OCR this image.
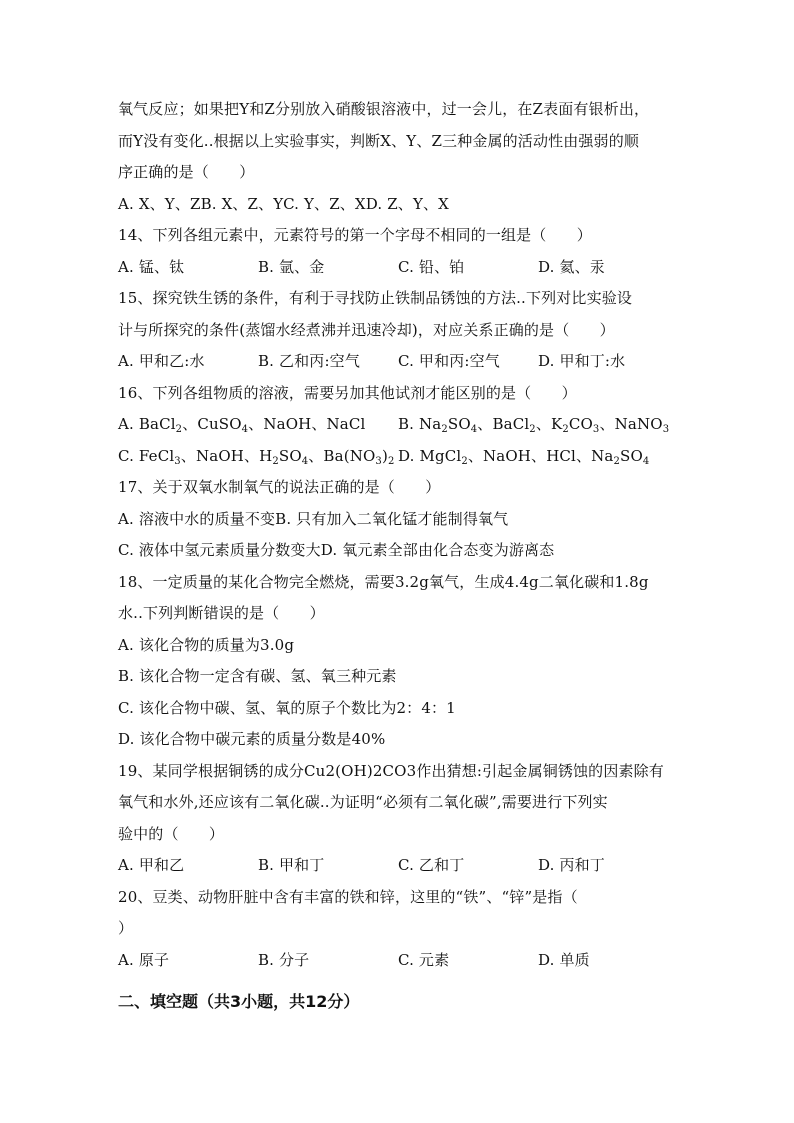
氧气反应；如果把Y和Z分别放入硝酸银溶液中，过一会儿，在Z表面有银析出，
而Y没有变化..根据以上实验事实，判断X、Y、Z三种金属的活动性由强弱的顺
序正确的是（　　）
A. X、Y、ZB. X、Z、YC. Y、Z、XD. Z、Y、X
14、下列各组元素中，元素符号的第一个字母不相同的一组是（　　）
A. 锰、钛	B. 氩、金	C. 铅、铂	D. 氦、汞
15、探究铁生锈的条件，有利于寻找防止铁制品锈蚀的方法..下列对比实验设
计与所探究的条件(蒸馏水经煮沸并迅速冷却)，对应关系正确的是（　　）
A. 甲和乙:水	B. 乙和丙:空气	C. 甲和丙:空气	D. 甲和丁:水
16、下列各组物质的溶液，需要另加其他试剂才能区别的是（　　）
A. BaCl$_2$、CuSO$_4$、NaOH、NaCl	B. $Na_2SO_4$、BaCl$_2$、$K_2CO_3$、NaNO$_3$
C. FeCl$_3$、NaOH、$H_2SO_4$、$Ba(NO_3)_2$ D. MgCl$_2$、NaOH、HCl、$Na_2SO_4$
17、关于双氧水制氧气的说法正确的是（　　）
A. 溶液中水的质量不变B. 只有加入二氧化锰才能制得氧气
C. 液体中氢元素质量分数变大D. 氧元素全部由化合态变为游离态
18、一定质量的某化合物完全燃烧，需要3.2g氧气，生成4.4g二氧化碳和1.8g
水..下列判断错误的是（　　）
A. 该化合物的质量为3.0g
B. 该化合物一定含有碳、氢、氧三种元素
C. 该化合物中碳、氢、氧的原子个数比为2：4：1
D. 该化合物中碳元素的质量分数是40%
19、某同学根据铜锈的成分Cu2(OH)2CO3作出猜想:引起金属铜锈蚀的因素除有
氧气和水外,还应该有二氧化碳..为证明“必须有二氧化碳”,需要进行下列实
验中的（　　）
A. 甲和乙	B. 甲和丁	C. 乙和丁	D. 丙和丁
20、豆类、动物肝脏中含有丰富的铁和锌，这里的“铁”、“锌”是指（
）
A. 原子	B. 分子	C. 元素	D. 单质
二、填空题（共3小题，共12分）
